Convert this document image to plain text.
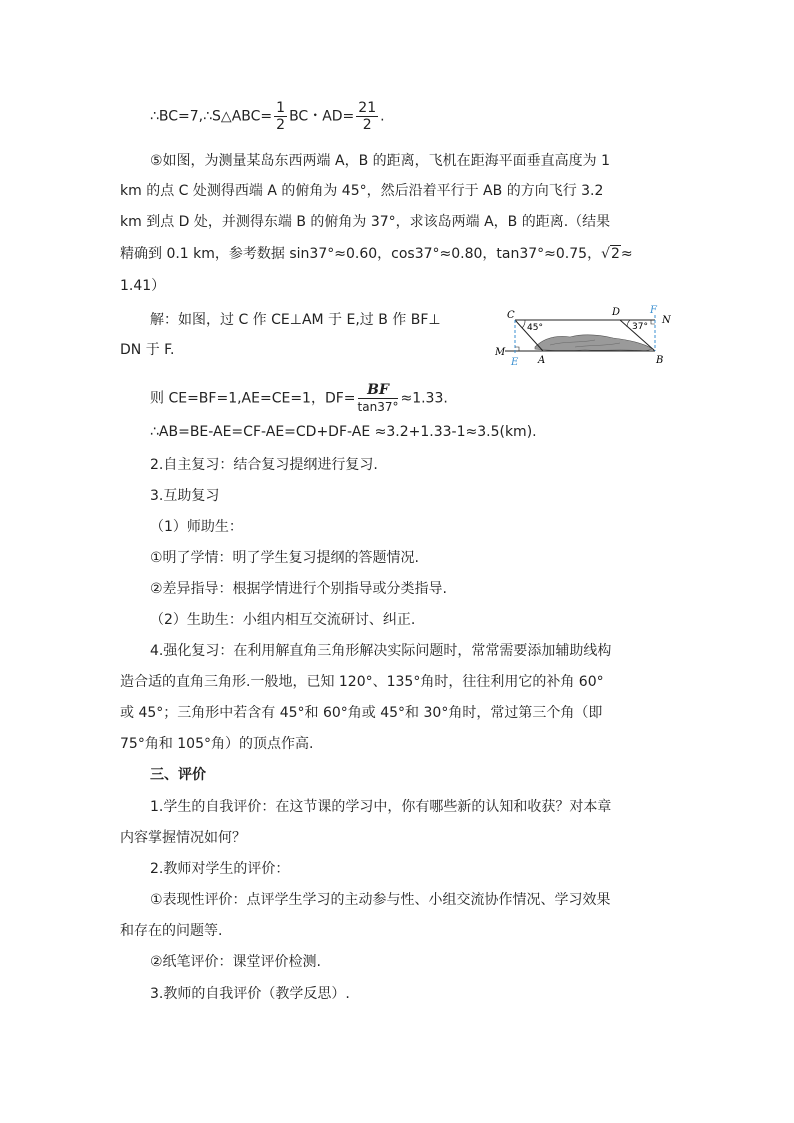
∴BC=7,∴S△ABC= $\frac{1}{2}$ BC・$AD= \frac{21}{2}$ .
⑤如图，为测量某岛东西两端 A，B 的距离，飞机在距海平面垂直高度为 1
km 的点 C 处测得西端 A 的俯角为 45°，然后沿着平行于 AB 的方向飞行 3.2
km 到点 D 处，并测得东端 B 的俯角为 37°，求该岛两端 A，B 的距离.（结果
精确到 0.1 km，参考数据 sin37°≈0.60，cos37°≈0.80，tan37°≈0.75，√2≈
1.41）
解：如图，过 C 作 CE⊥AM 于 E,过 B 作 BF⊥
DN 于 F.
C	D	F
N
M
E A	B
45°	37°
则 CE=BF=1,AE=CE=1，$DF= \frac{BF}{\tan 37^\circ} \approx 1.33$.
∴AB=BE-AE=CF-AE=CD+DF-AE ≈3.2+1.33-1≈3.5(km).
2.自主复习：结合复习提纲进行复习.
3.互助复习
（1）师助生：
①明了学情：明了学生复习提纲的答题情况.
②差异指导：根据学情进行个别指导或分类指导.
（2）生助生：小组内相互交流研讨、纠正.
4.强化复习：在利用解直角三角形解决实际问题时，常常需要添加辅助线构
造合适的直角三角形.一般地，已知 120°、135°角时，往往利用它的补角 60°
或 45°；三角形中若含有 45°和 60°角或 45°和 30°角时，常过第三个角（即
75°角和 105°角）的顶点作高.
三、评价
1.学生的自我评价：在这节课的学习中，你有哪些新的认知和收获？对本章
内容掌握情况如何？
2.教师对学生的评价：
①表现性评价：点评学生学习的主动参与性、小组交流协作情况、学习效果
和存在的问题等.
②纸笔评价：课堂评价检测.
3.教师的自我评价（教学反思）.
